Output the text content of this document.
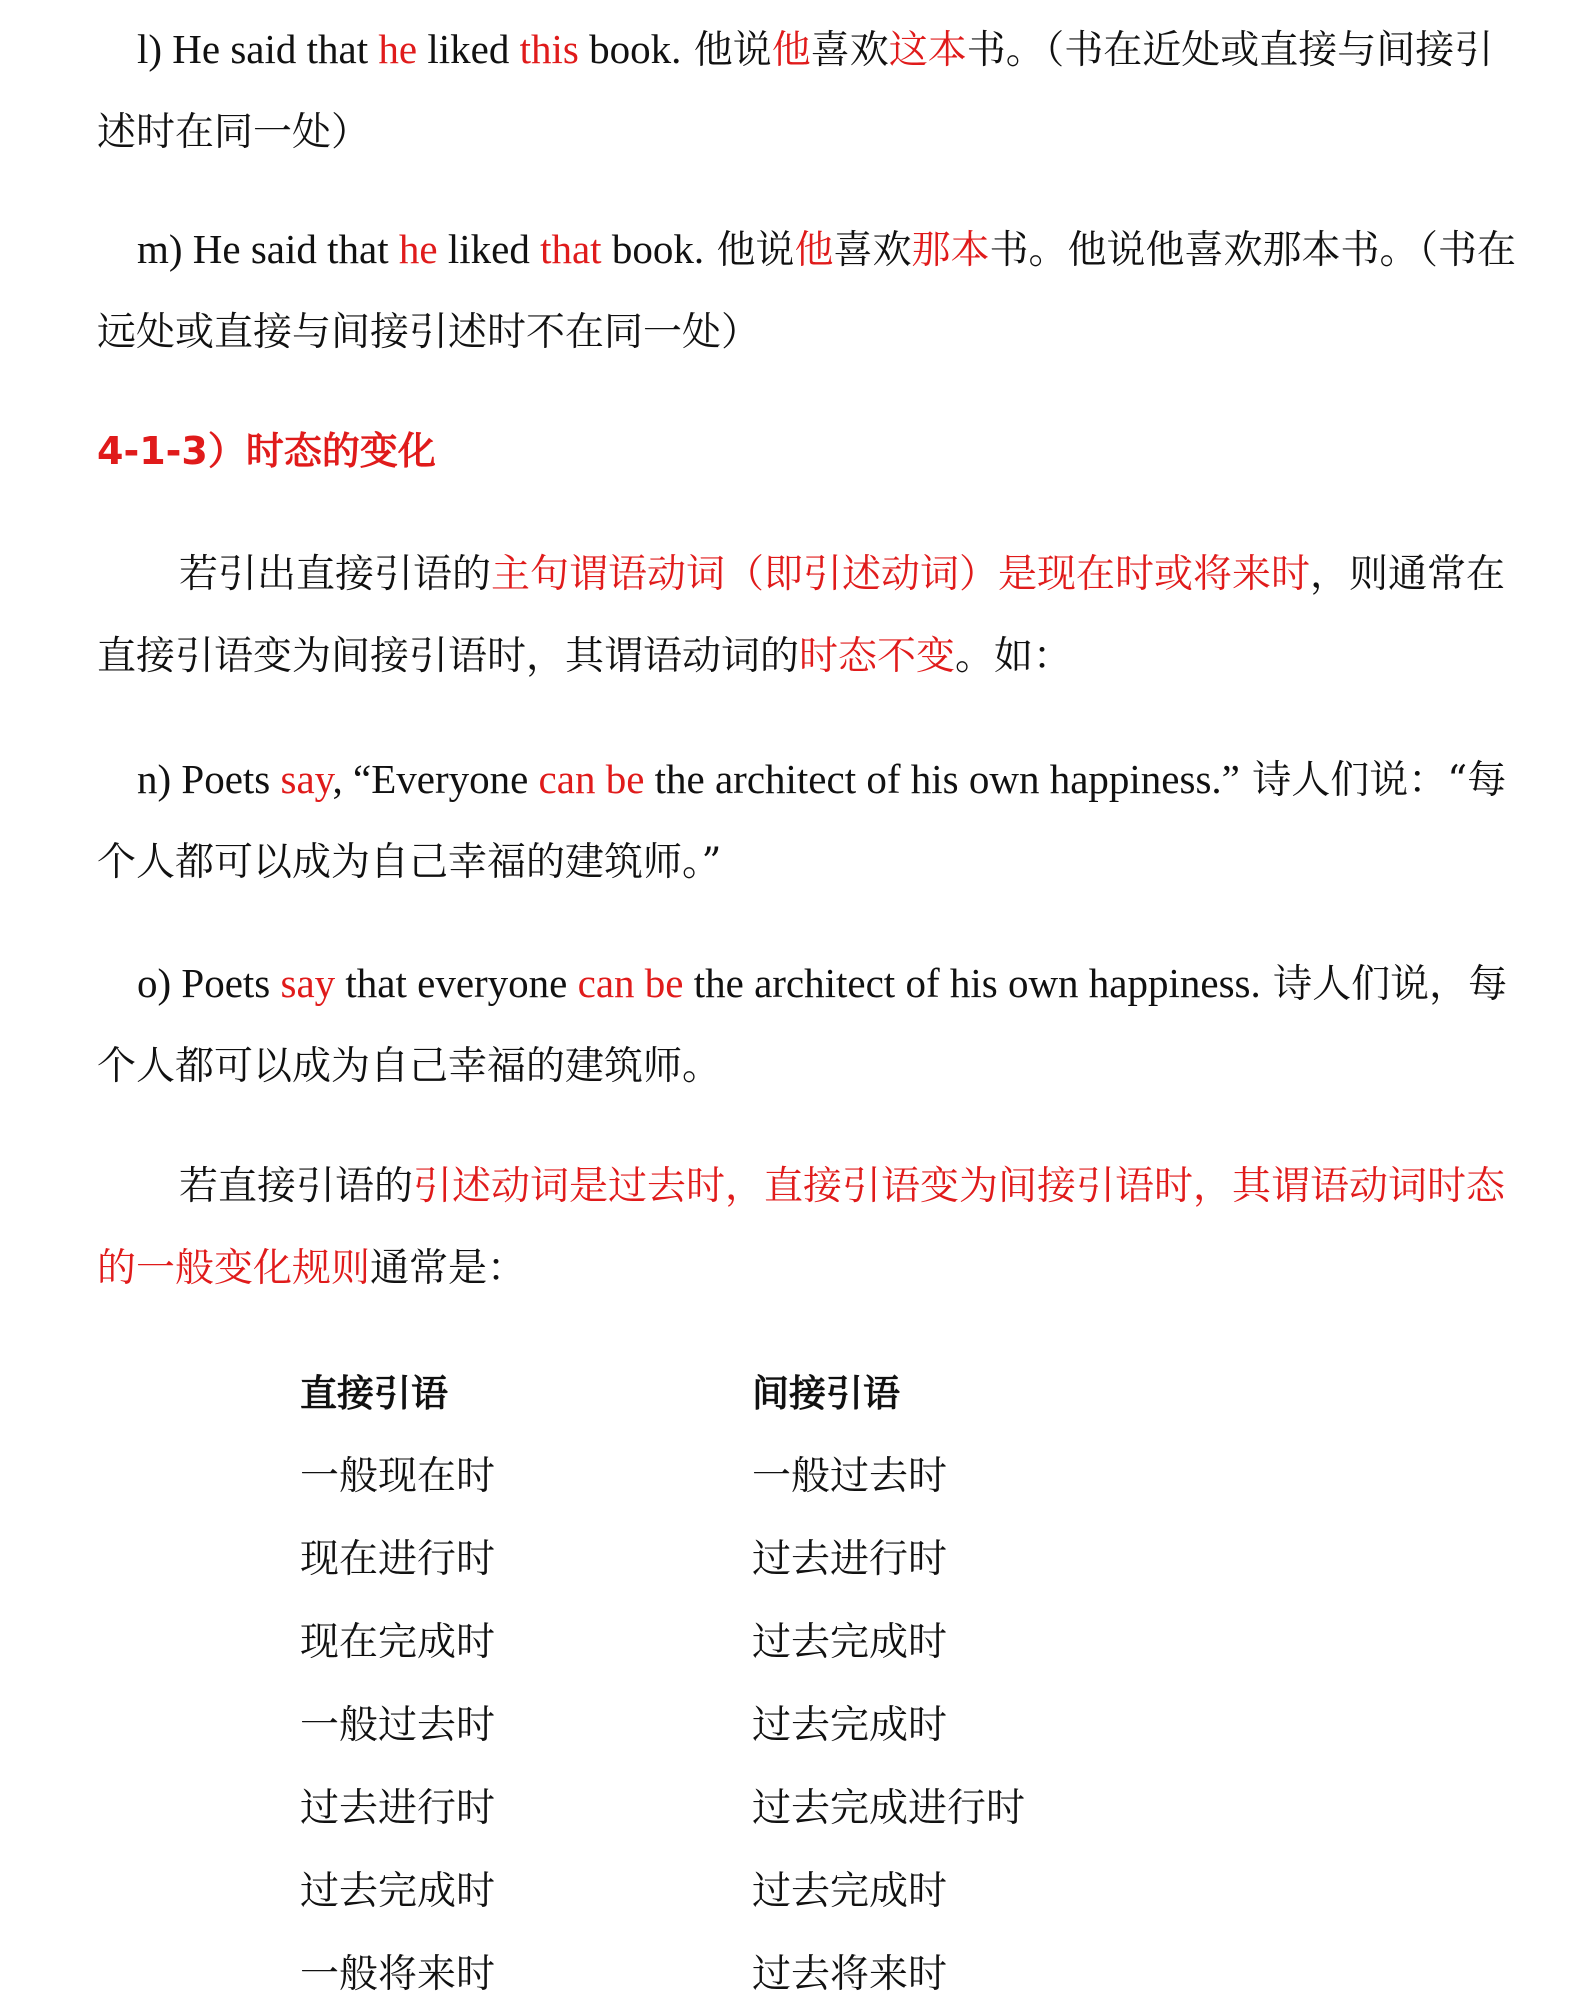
l) He said that he liked this book. 他说他喜欢这本书。（书在近处或直接与间接引述时在同一处）

m) He said that he liked that book. 他说他喜欢那本书。他说他喜欢那本书。（书在远处或直接与间接引述时不在同一处）

4-1-3）时态的变化

若引出直接引语的主句谓语动词（即引述动词）是现在时或将来时，则通常在直接引语变为间接引语时，其谓语动词的时态不变。如：

n) Poets say, “Everyone can be the architect of his own happiness.” 诗人们说：“每个人都可以成为自己幸福的建筑师。”

o) Poets say that everyone can be the architect of his own happiness. 诗人们说，每个人都可以成为自己幸福的建筑师。

若直接引语的引述动词是过去时，直接引语变为间接引语时，其谓语动词时态的一般变化规则通常是：

直接引语	间接引语
一般现在时	一般过去时
现在进行时	过去进行时
现在完成时	过去完成时
一般过去时	过去完成时
过去进行时	过去完成进行时
过去完成时	过去完成时
一般将来时	过去将来时
